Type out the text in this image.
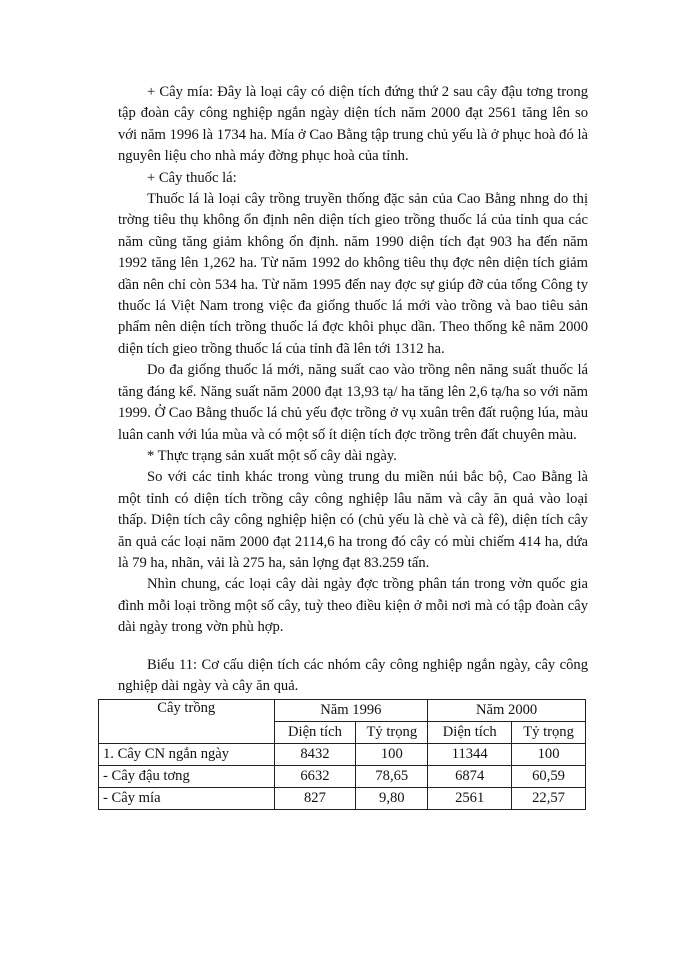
+ Cây mía: Đây là loại cây có diện tích đứng thứ 2 sau cây đậu tơng trong tập đoàn cây công nghiệp ngắn ngày diện tích năm 2000 đạt 2561 tăng lên so với năm 1996 là 1734 ha. Mía ở Cao Bằng tập trung chủ yếu là ở phục hoà đó là nguyên liệu cho nhà máy đờng phục hoà của tỉnh.

+ Cây thuốc lá:

Thuốc lá là loại cây trồng truyền thống đặc sản của Cao Bằng nhng do thị trờng tiêu thụ không ổn định nên diện tích gieo trồng thuốc lá của tỉnh qua các năm cũng tăng giảm không ổn định. năm 1990 diện tích đạt 903 ha đến năm 1992 tăng lên 1,262 ha. Từ năm 1992 do không tiêu thụ đợc nên diện tích giảm dần nên chỉ còn 534 ha. Từ năm 1995 đến nay đợc sự giúp đỡ của tổng Công ty thuốc lá Việt Nam trong việc đa giống thuốc lá mới vào trồng và bao tiêu sản phẩm nên diện tích trồng thuốc lá đợc khôi phục dần. Theo thống kê năm 2000 diện tích gieo trồng thuốc lá của tỉnh đã lên tới 1312 ha.

Do đa giống thuốc lá mới, năng suất cao vào trồng nên năng suất thuốc lá tăng đáng kể. Năng suất năm 2000 đạt 13,93 tạ/ ha tăng lên 2,6 tạ/ha so với năm 1999. Ở Cao Bằng thuốc lá chủ yếu đợc trồng ở vụ xuân trên đất ruộng lúa, màu luân canh với lúa mùa và có một số ít diện tích đợc trồng trên đất chuyên màu.

* Thực trạng sản xuất một số cây dài ngày.

So với các tỉnh khác trong vùng trung du miền núi bắc bộ, Cao Bằng là một tỉnh có diện tích trồng cây công nghiệp lâu năm và cây ăn quả vào loại thấp. Diện tích cây công nghiệp hiện có (chủ yếu là chè và cà fê), diện tích cây ăn quả các loại năm 2000 đạt 2114,6 ha trong đó cây có mùi chiếm 414 ha, dứa là 79 ha, nhãn, vải là 275 ha, sản lợng đạt 83.259 tấn.

Nhìn chung, các loại cây dài ngày đợc trồng phân tán trong vờn quốc gia đình mỗi loại trồng một số cây, tuỳ theo điều kiện ở mỗi nơi mà có tập đoàn cây dài ngày trong vờn phù hợp.

Biểu 11: Cơ cấu diện tích các nhóm cây công nghiệp ngắn ngày, cây công nghiệp dài ngày và cây ăn quả.

Cây trồng	Năm 1996		Năm 2000	
	Diện tích	Tỷ trọng	Diện tích	Tỷ trọng
1. Cây CN ngắn ngày	8432	100	11344	100
- Cây đậu tơng	6632	78,65	6874	60,59
- Cây mía	827	9,80	2561	22,57
